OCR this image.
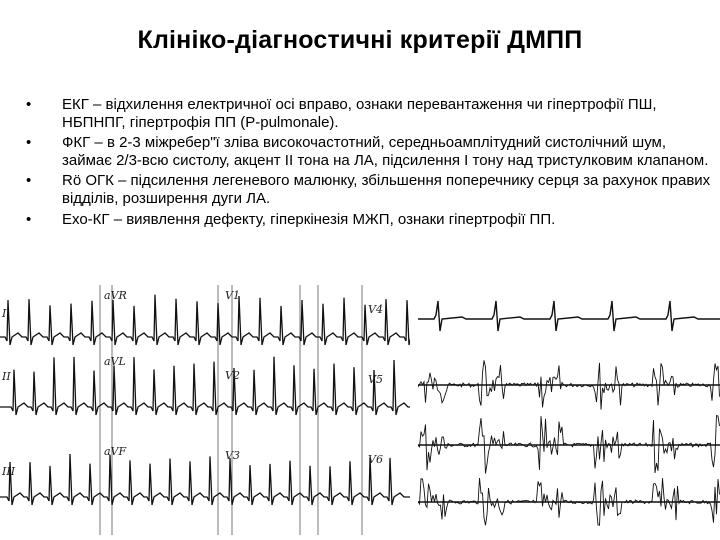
Клініко-діагностичні критерії ДМПП
•	ЕКГ – відхилення електричної осі вправо, ознаки перевантаження чи гіпертрофії ПШ, НБПНПГ, гіпертрофія ПП (P-pulmonale).
•	ФКГ – в 2-3 міжребер"ї зліва високочастотний, середньоамплітудний систолічний шум, займає 2/3-всю систолу, акцент ІІ тона на ЛА, підсилення І тону над тристулковим клапаном.
•	Rö ОГК – підсилення легеневого малюнку, збільшення поперечнику серця за рахунок правих відділів, розширення дуги ЛА.
•	Ехо-КГ – виявлення дефекту, гіперкінезія МЖП, ознаки гіпертрофії ПП.
I
II
III
aVR
aVL
aVF
V1
V2
V3
V4
V5
V6
